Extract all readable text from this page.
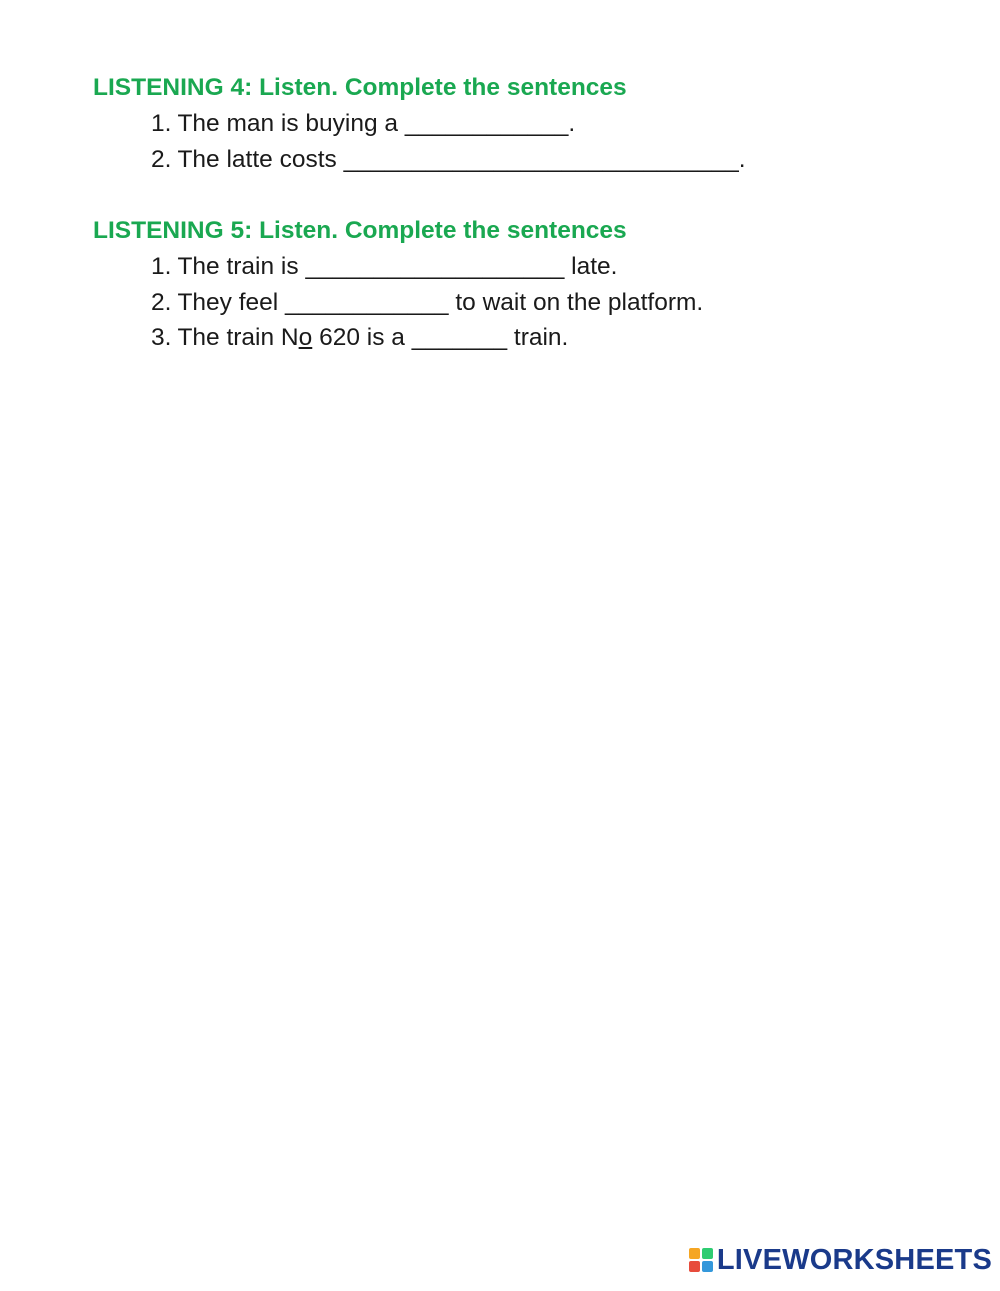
LISTENING 4: Listen. Complete the sentences
1. The man is buying a ____________.
2. The latte costs _____________________________.
LISTENING 5: Listen. Complete the sentences
1. The train is ___________________ late.
2. They feel ____________ to wait on the platform.
3. The train No 620 is a _______ train.
LIVEWORKSHEETS
